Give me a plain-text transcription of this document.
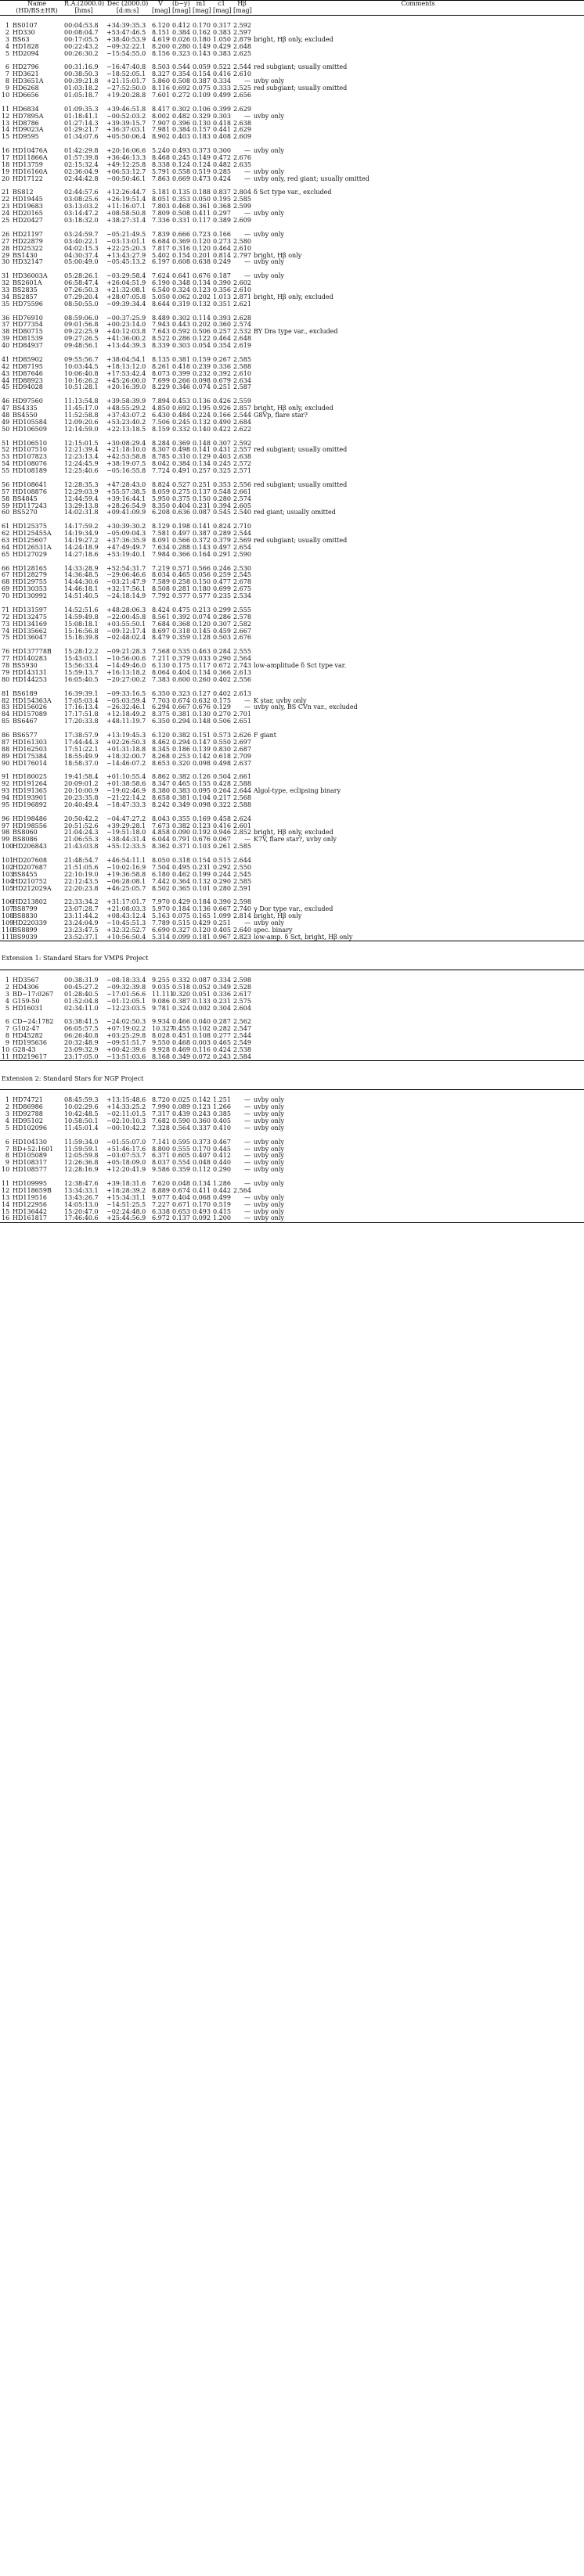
	Name	R.A.(2000.0)	Dec (2000.0)	V	(b−y)	m1	c1	Hβ	Comments
	(HD/BS±HR)	[hms]	[d:m:s]	[mag]	[mag]	[mag]	[mag]	[mag]	

1	BS0107	00:04:53.8	+34:39:35.3	6.120	0.412	0.170	0.317	2.592	
2	HD330	00:08:04.7	+53:47:46.5	8.151	0.384	0.162	0.383	2.597	
3	BS63	00:17:05.5	+38:40:53.9	4.619	0.026	0.180	1.050	2.879	bright, Hβ only, excluded
4	HD1828	00:22:43.2	−09:32:22.1	8.200	0.280	0.149	0.429	2.648	
5	HD2094	00:26:30.2	−15:54:55.0	8.156	0.323	0.143	0.383	2.625	

6	HD2796	00:31:16.9	−16:47:40.8	8.503	0.544	0.059	0.522	2.544	red subgiant; usually omitted
7	HD3621	00:38:50.3	−18:52:05.1	8.327	0.354	0.154	0.416	2.610	
8	HD3651A	00:39:21.8	+21:15:01.7	5.860	0.508	0.387	0.334	—	uvby only
9	HD6268	01:03:18.2	−27:52:50.0	8.116	0.692	0.075	0.333	2.525	red subgiant; usually omitted
10	HD6656	01:05:18.7	+19:20:28.8	7.601	0.272	0.109	0.499	2.656	

11	HD6834	01:09:35.3	+39:46:51.8	8.417	0.302	0.106	0.399	2.629	
12	HD7895A	01:18:41.1	−00:52:03.2	8.002	0.482	0.329	0.303	—	uvby only
13	HD8786	01:27:14.3	+39:39:15.7	7.907	0.396	0.130	0.418	2.638	
14	HD9023A	01:29:21.7	+36:37:03.1	7.981	0.384	0.157	0.441	2.629	
15	HD9595	01:34:07.6	+05:50:06.4	8.902	0.403	0.183	0.408	2.609	

16	HD10476A	01:42:29.8	+20:16:06.6	5.240	0.493	0.373	0.300	—	uvby only
17	HD11866A	01:57:39.8	+36:46:13.3	8.468	0.245	0.149	0.472	2.676	
18	HD13759	02:15:32.4	+49:12:25.8	8.338	0.124	0.124	0.482	2.635	
19	HD16160A	02:36:04.9	+06:53:12.7	5.791	0.558	0.519	0.285	—	uvby only
20	HD17122	02:44:42.8	−00:50:46.1	7.863	0.669	0.473	0.424	—	uvby only, red giant; usually omitted

21	BS812	02:44:57.6	+12:26:44.7	5.181	0.135	0.188	0.837	2.804	δ Sct type var., excluded
22	HD19445	03:08:25.6	+26:19:51.4	8.051	0.353	0.050	0.195	2.585	
23	HD19683	03:13:03.2	+11:16:07.1	7.803	0.468	0.361	0.368	2.599	
24	HD20165	03:14:47.2	+08:58:50.8	7.809	0.508	0.411	0.297	—	uvby only
25	HD20427	03:18:32.0	+38:27:31.4	7.336	0.331	0.117	0.389	2.609	

26	HD21197	03:24:59.7	−05:21:49.5	7.839	0.666	0.723	0.166	—	uvby only
27	HD22879	03:40:22.1	−03:13:01.1	6.684	0.369	0.120	0.273	2.580	
28	HD25322	04:02:15.3	+22:25:20.3	7.817	0.316	0.120	0.464	2.610	
29	BS1430	04:30:37.4	+13:43:27.9	5.402	0.154	0.201	0.814	2.797	bright, Hβ only
30	HD32147	05:00:49.0	−05:45:13.2	6.197	0.608	0.638	0.249	—	uvby only

31	HD36003A	05:28:26.1	−03:29:58.4	7.624	0.641	0.676	0.187	—	uvby only
32	BS2601A	06:58:47.4	+26:04:51.9	6.190	0.348	0.134	0.390	2.602	
33	BS2835	07:26:50.3	+21:32:08.1	6.540	0.324	0.123	0.356	2.610	
34	BS2857	07:29:20.4	+28:07:05.8	5.050	0.062	0.202	1.013	2.871	bright, Hβ only, excluded
35	HD75596	08:50:55.0	−09:39:34.4	8.644	0.319	0.132	0.351	2.621	

36	HD76910	08:59:06.0	−00:37:25.9	8.489	0.302	0.114	0.393	2.628	
37	HD77354	09:01:56.8	+00:23:14.0	7.943	0.443	0.202	0.360	2.574	
38	HD80715	09:22:25.9	+40:12:03.8	7.643	0.592	0.506	0.257	2.532	BY Dra type var., excluded
39	HD81539	09:27:26.5	+41:36:00.2	8.522	0.286	0.122	0.464	2.648	
40	HD84937	09:48:56.1	+13:44:39.3	8.339	0.303	0.054	0.354	2.619	

41	HD85902	09:55:56.7	+38:04:54.1	8.135	0.381	0.159	0.267	2.585	
42	HD87195	10:03:44.5	+18:13:12.0	8.261	0.418	0.239	0.336	2.588	
43	HD87646	10:06:40.8	+17:53:42.4	8.073	0.399	0.232	0.392	2.610	
44	HD88923	10:16:26.2	+45:26:00.0	7.699	0.266	0.098	0.679	2.634	
45	HD94028	10:51:28.1	+20:16:39.0	8.229	0.346	0.074	0.251	2.587	

46	HD97560	11:13:54.8	+39:58:39.9	7.894	0.453	0.136	0.426	2.559	
47	BS4335	11:45:17.0	+48:55:29.2	4.850	0.692	0.195	0.926	2.857	bright, Hβ only, excluded
48	BS4550	11:52:58.8	+37:43:07.2	6.430	0.484	0.224	0.166	2.544	G8Vp, flare star?
49	HD105584	12:09:20.6	+53:23:40.2	7.506	0.245	0.132	0.490	2.684	
50	HD106509	12:14:59.0	+22:13:18.5	8.159	0.332	0.140	0.422	2.622	

51	HD106510	12:15:01.5	+30:08:29.4	8.284	0.369	0.148	0.307	2.592	
52	HD107510	12:21:39.4	+21:18:10.0	8.307	0.498	0.141	0.431	2.557	red subgiant; usually omitted
53	HD107823	12:23:13.4	+42:53:58.8	8.785	0.310	0.129	0.403	2.638	
54	HD108076	12:24:45.9	+38:19:07.5	8.042	0.384	0.134	0.245	2.572	
55	HD108189	12:25:40.6	−05:16:55.8	7.724	0.491	0.257	0.325	2.571	

56	HD108641	12:28:35.3	+47:28:43.0	8.824	0.527	0.251	0.353	2.556	red subgiant; usually omitted
57	HD108876	12:29:03.9	+55:57:38.5	8.059	0.275	0.137	0.548	2.661	
58	BS4845	12:44:59.4	+39:16:44.1	5.950	0.375	0.150	0.280	2.574	
59	HD117243	13:29:13.8	+28:26:54.9	8.350	0.404	0.231	0.394	2.605	
60	BS5270	14:02:31.8	+09:41:09.9	6.208	0.636	0.087	0.545	2.540	red giant; usually omitted

61	HD125375	14:17:59.2	+30:39:30.2	8.129	0.198	0.141	0.824	2.710	
62	HD125455A	14:19:34.9	−05:09:04.3	7.581	0.497	0.387	0.289	2.544	
63	HD125607	14:19:27.2	+37:36:35.9	8.091	0.566	0.372	0.379	2.569	red subgiant; usually omitted
64	HD126531A	14:24:18.9	+47:49:49.7	7.634	0.288	0.143	0.497	2.654	
65	HD127029	14:27:18.6	+53:19:40.1	7.984	0.366	0.164	0.291	2.590	

66	HD128165	14:33:28.9	+52:54:31.7	7.219	0.571	0.566	0.246	2.530	
67	HD128279	14:36:48.5	−29:06:46.6	8.034	0.465	0.056	0.259	2.545	
68	HD129755	14:44:30.6	−03:21:47.9	7.589	0.258	0.150	0.477	2.678	
69	HD130353	14:46:18.1	+32:17:56.1	8.508	0.281	0.180	0.699	2.675	
70	HD130992	14:51:40.5	−24:18:14.9	7.792	0.577	0.577	0.235	2.534	

71	HD131597	14:52:51.6	+48:28:06.3	8.424	0.475	0.213	0.299	2.555	
72	HD132475	14:59:49.8	−22:00:45.8	8.561	0.392	0.074	0.286	2.578	
73	HD134169	15:08:18.1	+03:55:50.1	7.684	0.368	0.120	0.307	2.582	
74	HD135662	15:16:56.8	−09:12:17.4	8.697	0.318	0.145	0.459	2.667	
75	HD136047	15:18:39.8	−02:48:02.4	8.479	0.359	0.128	0.503	2.676	

76	HD137778B	15:28:12.2	−09:21:28.3	7.568	0.535	0.463	0.284	2.555	
77	HD140283	15:43:03.1	−10:56:00.6	7.211	0.379	0.033	0.290	2.564	
78	BS5930	15:56:33.4	−14:49:46.0	6.130	0.175	0.117	0.672	2.743	low-amplitude δ Sct type var.
79	HD143131	15:59:13.7	+16:13:18.2	8.064	0.404	0.134	0.366	2.613	
80	HD144253	16:05:40.5	−20:27:00.2	7.383	0.600	0.260	0.402	2.556	

81	BS6189	16:39:39.1	−09:33:16.5	6.350	0.323	0.127	0.402	2.613	
82	HD154363A	17:05:03.4	−05:03:59.4	7.703	0.674	0.632	0.175	—	K star, uvby only
83	HD156026	17:16:13.4	−26:32:46.1	6.294	0.667	0.676	0.129	—	uvby only, BS CVn var., excluded
84	HD157089	17:17:51.8	+12:18:49.2	8.375	0.381	0.130	0.270	2.701	
85	BS6467	17:20:33.8	+48:11:19.7	6.350	0.294	0.148	0.506	2.651	

86	BS6577	17:38:57.9	+13:19:45.3	6.120	0.382	0.151	0.573	2.626	F giant
87	HD161303	17:44:44.3	+02:26:50.3	8.462	0.294	0.147	0.550	2.697	
88	HD162503	17:51:22.1	+01:31:18.8	8.345	0.186	0.139	0.830	2.687	
89	HD175384	18:55:49.9	+18:32:00.7	8.268	0.253	0.142	0.618	2.709	
90	HD176014	18:58:37.0	−14:46:07.2	8.653	0.320	0.098	0.498	2.637	

91	HD180025	19:41:58.4	+01:10:55.4	8.862	0.382	0.126	0.504	2.661	
92	HD191264	20:09:01.2	+01:38:58.6	8.347	0.465	0.155	0.428	2.588	
93	HD191365	20:10:00.9	−19:02:46.9	8.380	0.383	0.095	0.264	2.644	Algol-type, eclipsing binary
94	HD193901	20:23:35.8	−21:22:14.2	8.658	0.381	0.104	0.217	2.568	
95	HD196892	20:40:49.4	−18:47:33.3	8.242	0.349	0.098	0.322	2.588	

96	HD198486	20:50:42.2	−04:47:27.2	8.043	0.355	0.169	0.458	2.624	
97	HD198556	20:51:52.6	+39:29:28.1	7.673	0.382	0.123	0.416	2.601	
98	BS8060	21:04:24.3	−19:51:18.0	4.858	0.090	0.192	0.946	2.852	bright, Hβ only, excluded
99	BS8086	21:06:55.3	+38:44:31.4	6.044	0.791	0.676	0.067	—	K7V, flare star?, uvby only
100	HD206843	21:43:03.8	+55:12:33.5	8.362	0.371	0.103	0.261	2.585	

101	HD207608	21:48:54.7	+46:54:11.1	8.050	0.318	0.154	0.515	2.644	
102	HD207687	21:51:05.6	−10:02:16.9	7.504	0.495	0.231	0.292	2.550	
103	BS8455	22:10:19.0	+19:36:58.8	6.180	0.462	0.199	0.244	2.545	
104	HD210752	22:12:43.5	−06:28:08.1	7.442	0.364	0.132	0.290	2.585	
105	HD212029A	22:20:23.8	+46:25:05.7	8.502	0.365	0.101	0.280	2.591	

106	HD213802	22:33:34.2	+31:17:01.7	7.970	0.429	0.184	0.390	2.598	
107	BS8799	23:07:28.7	+21:08:03.3	5.970	0.184	0.136	0.667	2.740	γ Dor type var., excluded
108	BS8830	23:11:44.2	+08:43:12.4	5.163	0.075	0.165	1.099	2.814	bright, Hβ only
109	HD220339	23:24:04.9	−10:45:51.3	7.789	0.515	0.429	0.251	—	uvby only
110	BS8899	23:23:47.5	+32:32:52.7	6.690	0.327	0.120	0.405	2.640	spec. binary
111	BS9039	23:52:37.1	+10:56:50.4	5.314	0.099	0.181	0.967	2.823	low-amp. δ Sct, bright, Hβ only

Extension 1: Standard Stars for VMPS Project									

1	HD3567	00:38:31.9	−08:18:33.4	9.255	0.332	0.087	0.334	2.598	
2	HD4306	00:45:27.2	−09:32:39.8	9.035	0.518	0.052	0.349	2.528	
3	BD−17:0267	01:28:40.5	−17:01:56.6	11.111	0.320	0.051	0.336	2.617	
4	G159-50	01:52:04.8	−01:12:05.1	9.086	0.387	0.133	0.231	2.575	
5	HD16031	02:34:11.0	−12:23:03.5	9.781	0.324	0.002	0.304	2.604	

6	CD−24:1782	03:38:41.5	−24:02:50.3	9.934	0.466	0.040	0.287	2.562	
7	G102-47	06:05:57.5	+07:19:02.2	10.327	0.455	0.102	0.282	2.547	
8	HD45282	06:26:40.8	+03:25:29.8	8.028	0.451	0.108	0.277	2.544	
9	HD195636	20:32:48.9	−09:51:51.7	9.550	0.468	0.003	0.465	2.549	
10	G28-43	23:09:32.9	+00:42:39.6	9.928	0.469	0.116	0.424	2.538	
11	HD219617	23:17:05.0	−13:51:03.6	8.168	0.349	0.072	0.243	2.584	

Extension 2: Standard Stars for NGP Project									

1	HD74721	08:45:59.3	+13:15:48.6	8.720	0.025	0.142	1.251	—	uvby only
2	HD86986	10:02:29.6	+14:33:25.2	7.990	0.089	0.123	1.266	—	uvby only
3	HD92788	10:42:48.5	−02:11:01.5	7.317	0.439	0.243	0.385	—	uvby only
4	HD95102	10:58:50.1	−02:10:10.3	7.682	0.590	0.360	0.405	—	uvby only
5	HD102096	11:45:01.4	−00:10:42.2	7.328	0.564	0.337	0.410	—	uvby only

6	HD104130	11:59:34.0	−01:55:07.0	7.141	0.595	0.373	0.467	—	uvby only
7	BD+52:1601	11:59:59.1	+51:46:17.6	8.800	0.555	0.170	0.445	—	uvby only
8	HD105089	12:05:59.8	−03:07:53.7	6.371	0.605	0.407	0.412	—	uvby only
9	HD108317	12:26:36.8	+05:18:09.0	8.037	0.554	0.048	0.440	—	uvby only
10	HD108577	12:28:16.9	+12:20:41.9	9.586	0.359	0.112	0.290	—	uvby only

11	HD109995	12:38:47.6	+39:18:31.6	7.620	0.048	0.134	1.286	—	uvby only
12	HD118659B	13:34:33.1	+18:28:39.2	8.889	0.674	0.411	0.442	2.564	
13	HD119516	13:43:26.7	+15:34:31.1	9.077	0.404	0.068	0.499	—	uvby only
14	HD122956	14:05:13.0	−14:51:25.5	7.227	0.671	0.170	0.519	—	uvby only
15	HD136442	15:20:47.0	−02:24:48.0	6.338	0.653	0.493	0.415	—	uvby only
16	HD161817	17:46:40.6	+25:44:56.9	6.972	0.137	0.092	1.200	—	uvby only
